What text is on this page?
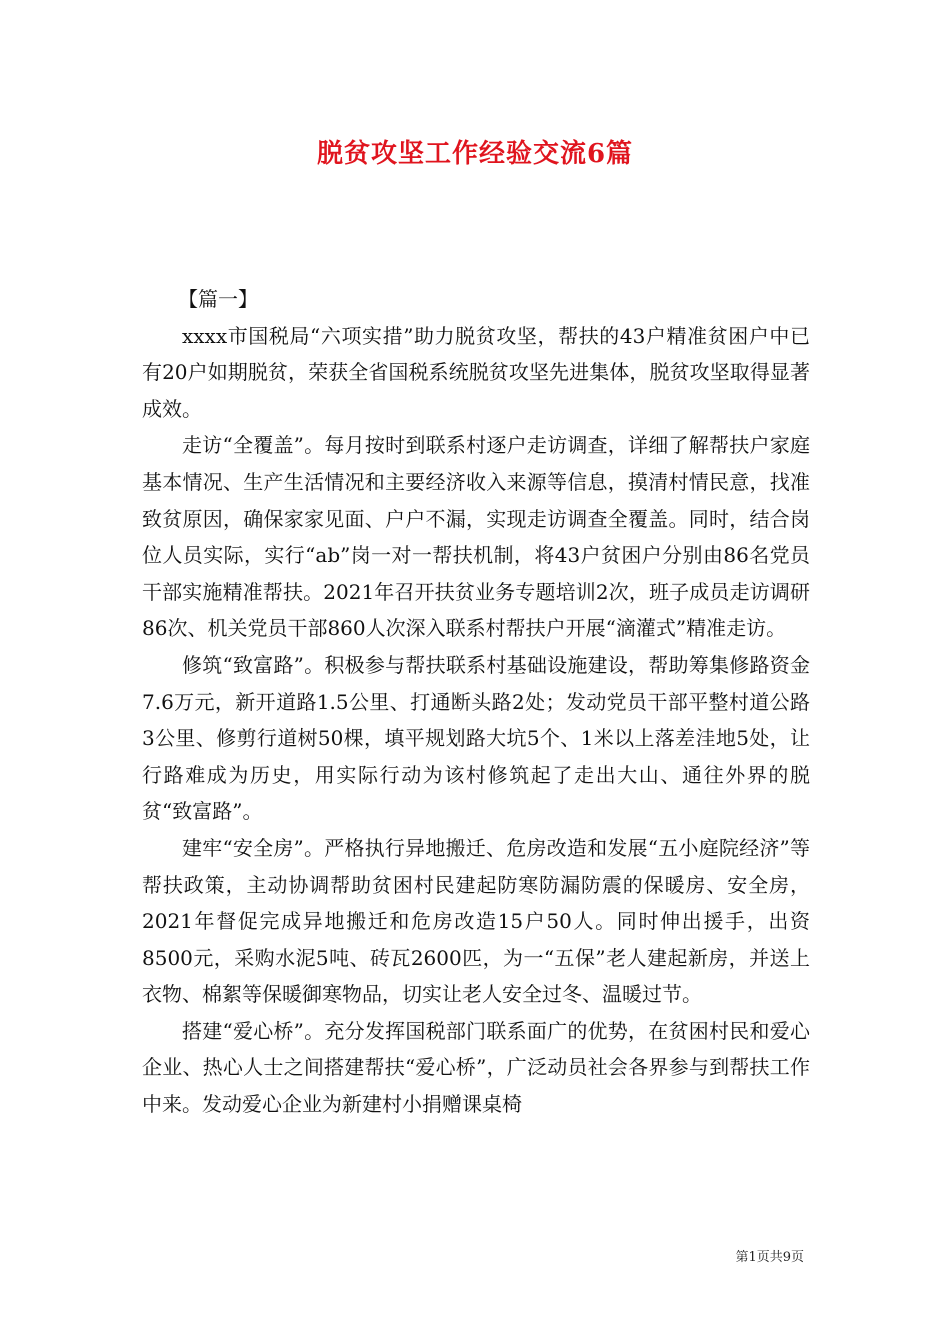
脱贫攻坚工作经验交流6篇

【篇一】

xxxx市国税局“六项实措”助力脱贫攻坚，帮扶的43户精准贫困户中已有20户如期脱贫，荣获全省国税系统脱贫攻坚先进集体，脱贫攻坚取得显著成效。

走访“全覆盖”。每月按时到联系村逐户走访调查，详细了解帮扶户家庭基本情况、生产生活情况和主要经济收入来源等信息，摸清村情民意，找准致贫原因，确保家家见面、户户不漏，实现走访调查全覆盖。同时，结合岗位人员实际，实行“ab”岗一对一帮扶机制，将43户贫困户分别由86名党员干部实施精准帮扶。2021年召开扶贫业务专题培训2次，班子成员走访调研86次、机关党员干部860人次深入联系村帮扶户开展“滴灌式”精准走访。

修筑“致富路”。积极参与帮扶联系村基础设施建设，帮助筹集修路资金7.6万元，新开道路1.5公里、打通断头路2处；发动党员干部平整村道公路3公里、修剪行道树50棵，填平规划路大坑5个、1米以上落差洼地5处，让行路难成为历史，用实际行动为该村修筑起了走出大山、通往外界的脱贫“致富路”。

建牢“安全房”。严格执行异地搬迁、危房改造和发展“五小庭院经济”等帮扶政策，主动协调帮助贫困村民建起防寒防漏防震的保暖房、安全房，2021年督促完成异地搬迁和危房改造15户50人。同时伸出援手，出资8500元，采购水泥5吨、砖瓦2600匹，为一“五保”老人建起新房，并送上衣物、棉絮等保暖御寒物品，切实让老人安全过冬、温暖过节。

搭建“爱心桥”。充分发挥国税部门联系面广的优势，在贫困村民和爱心企业、热心人士之间搭建帮扶“爱心桥”，广泛动员社会各界参与到帮扶工作中来。发动爱心企业为新建村小捐赠课桌椅

第1页共9页
